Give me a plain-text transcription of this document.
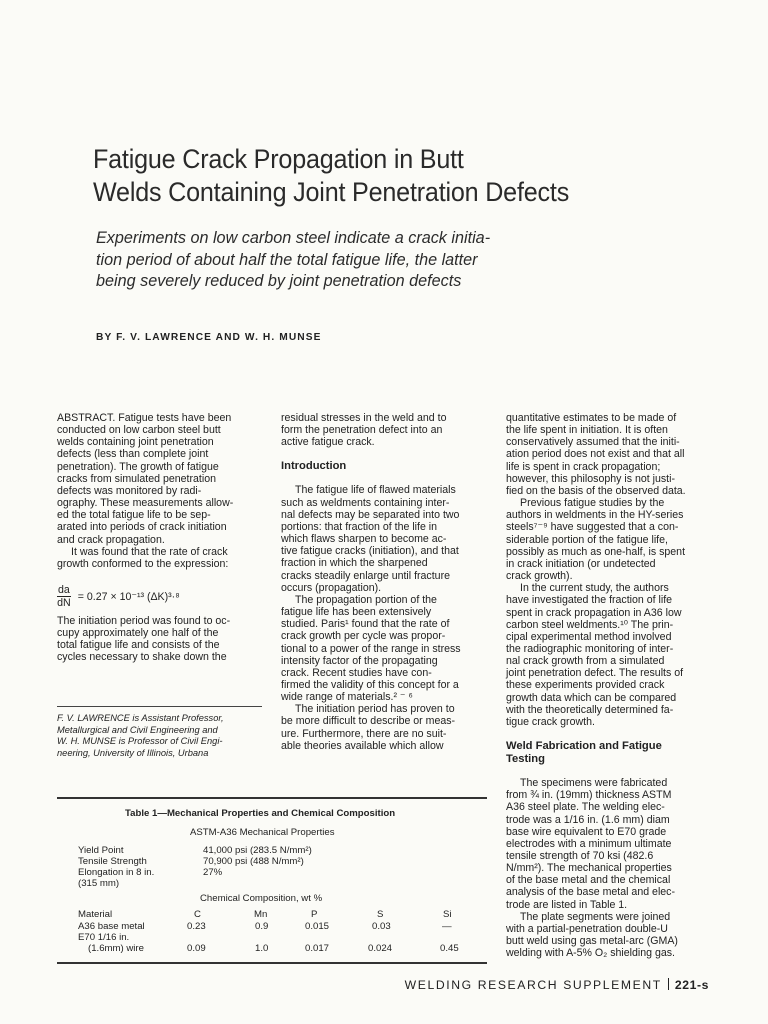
Fatigue Crack Propagation in Butt
Welds Containing Joint Penetration Defects
Experiments on low carbon steel indicate a crack initia-
tion period of about half the total fatigue life, the latter
being severely reduced by joint penetration defects
BY F. V. LAWRENCE AND W. H. MUNSE
ABSTRACT. Fatigue tests have been
conducted on low carbon steel butt
welds containing joint penetration
defects (less than complete joint
penetration). The growth of fatigue
cracks from simulated penetration
defects was monitored by radi-
ography. These measurements allow-
ed the total fatigue life to be sep-
arated into periods of crack initiation
and crack propagation.
It was found that the rate of crack
growth conformed to the expression:
$\frac{da}{dN} = 0.27 \times 10^{-13}$ (ΔK)³·⁸
The initiation period was found to oc-
cupy approximately one half of the
total fatigue life and consists of the
cycles necessary to shake down the
F. V. LAWRENCE is Assistant Professor,
Metallurgical and Civil Engineering and
W. H. MUNSE is Professor of Civil Engi-
neering, University of Illinois, Urbana
residual stresses in the weld and to
form the penetration defect into an
active fatigue crack.

Introduction

The fatigue life of flawed materials
such as weldments containing inter-
nal defects may be separated into two
portions: that fraction of the life in
which flaws sharpen to become ac-
tive fatigue cracks (initiation), and that
fraction in which the sharpened
cracks steadily enlarge until fracture
occurs (propagation).
The propagation portion of the
fatigue life has been extensively
studied. Paris¹ found that the rate of
crack growth per cycle was propor-
tional to a power of the range in stress
intensity factor of the propagating
crack. Recent studies have con-
firmed the validity of this concept for a
wide range of materials.² ⁻ ⁶
The initiation period has proven to
be more difficult to describe or meas-
ure. Furthermore, there are no suit-
able theories available which allow
quantitative estimates to be made of
the life spent in initiation. It is often
conservatively assumed that the initi-
ation period does not exist and that all
life is spent in crack propagation;
however, this philosophy is not justi-
fied on the basis of the observed data.
Previous fatigue studies by the
authors in weldments in the HY-series
steels⁷⁻⁹ have suggested that a con-
siderable portion of the fatigue life,
possibly as much as one-half, is spent
in crack initiation (or undetected
crack growth).
In the current study, the authors
have investigated the fraction of life
spent in crack propagation in A36 low
carbon steel weldments.¹⁰ The prin-
cipal experimental method involved
the radiographic monitoring of inter-
nal crack growth from a simulated
joint penetration defect. The results of
these experiments provided crack
growth data which can be compared
with the theoretically determined fa-
tigue crack growth.

Weld Fabrication and Fatigue
Testing

The specimens were fabricated
from ¾ in. (19mm) thickness ASTM
A36 steel plate. The welding elec-
trode was a 1/16 in. (1.6 mm) diam
base wire equivalent to E70 grade
electrodes with a minimum ultimate
tensile strength of 70 ksi (482.6
N/mm²). The mechanical properties
of the base metal and the chemical
analysis of the base metal and elec-
trode are listed in Table 1.
The plate segments were joined
with a partial-penetration double-U
butt weld using gas metal-arc (GMA)
welding with A-5% O₂ shielding gas.
Table 1—Mechanical Properties and Chemical Composition
ASTM-A36 Mechanical Properties
Yield Point	41,000 psi (283.5 N/mm²)
Tensile Strength	70,900 psi (488 N/mm²)
Elongation in 8 in.	27%
(315 mm)
Chemical Composition, wt %
Material	C	Mn	P	S	Si
A36 base metal	0.23	0.9	0.015	0.03	—
E70 1/16 in.
(1.6mm) wire	0.09	1.0	0.017	0.024	0.45
WELDING RESEARCH SUPPLEMENT 221-s
